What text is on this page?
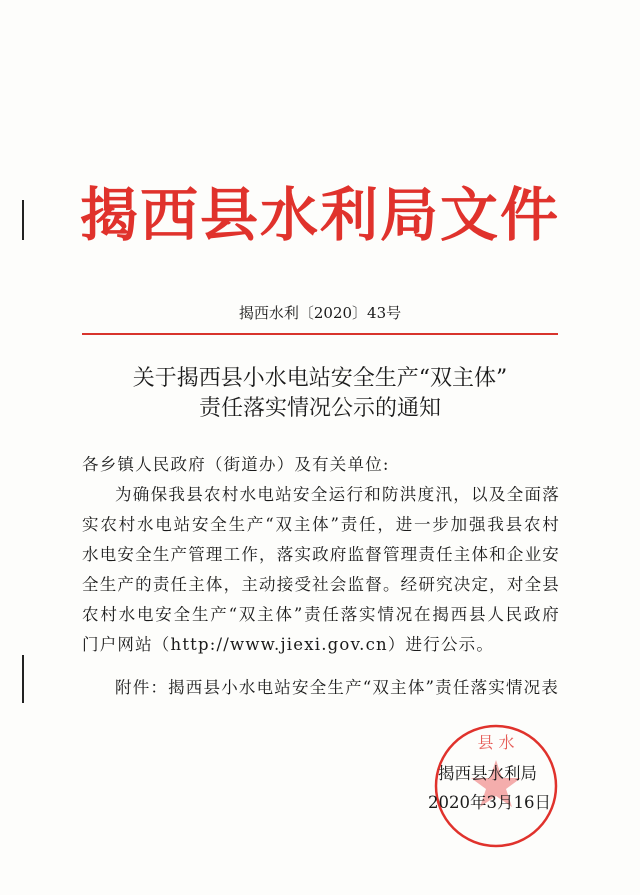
揭西县水利局文件
揭西水利〔2020〕43号
关于揭西县小水电站安全生产“双主体”
责任落实情况公示的通知

各乡镇人民政府（街道办）及有关单位:

为确保我县农村水电站安全运行和防洪度汛，以及全面落实农村水电站安全生产“双主体”责任，进一步加强我县农村水电安全生产管理工作，落实政府监督管理责任主体和企业安全生产的责任主体，主动接受社会监督。经研究决定，对全县农村水电安全生产“双主体”责任落实情况在揭西县人民政府门户网站（http://www.jiexi.gov.cn）进行公示。

附件：揭西县小水电站安全生产“双主体”责任落实情况表
县 水
揭西县水利局
2020年3月16日
